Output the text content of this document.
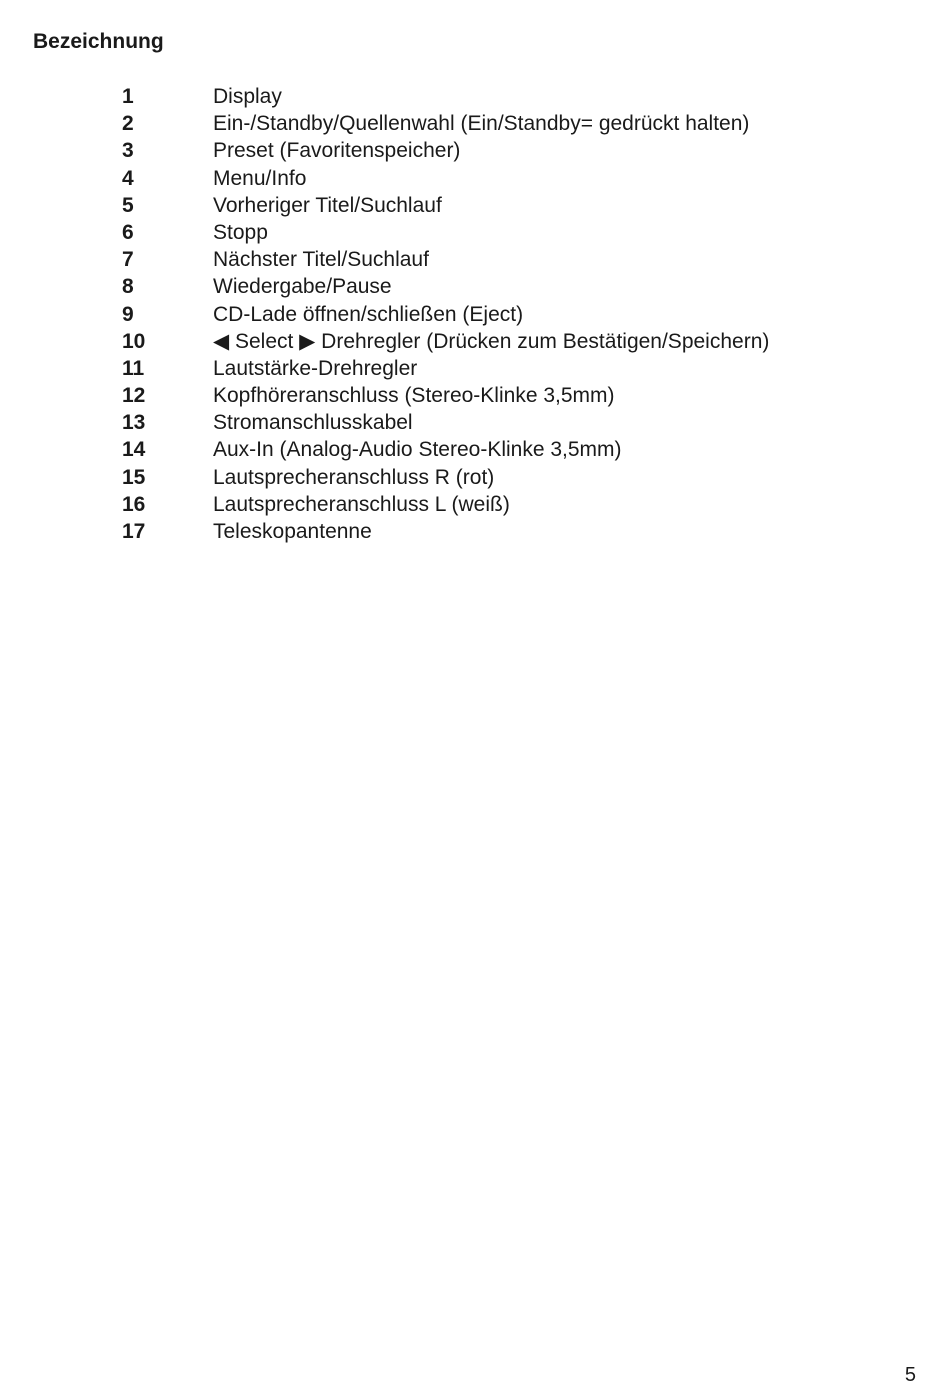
Bezeichnung
1	Display
2	Ein-/Standby/Quellenwahl (Ein/Standby= gedrückt halten)
3	Preset (Favoritenspeicher)
4	Menu/Info
5	Vorheriger Titel/Suchlauf
6	Stopp
7	Nächster Titel/Suchlauf
8	Wiedergabe/Pause
9	CD-Lade öffnen/schließen (Eject)
10	◀ Select ▶ Drehregler (Drücken zum Bestätigen/Speichern)
11	Lautstärke-Drehregler
12	Kopfhöreranschluss (Stereo-Klinke 3,5mm)
13	Stromanschlusskabel
14	Aux-In (Analog-Audio Stereo-Klinke 3,5mm)
15	Lautsprecheranschluss R (rot)
16	Lautsprecheranschluss L (weiß)
17	Teleskopantenne
5
